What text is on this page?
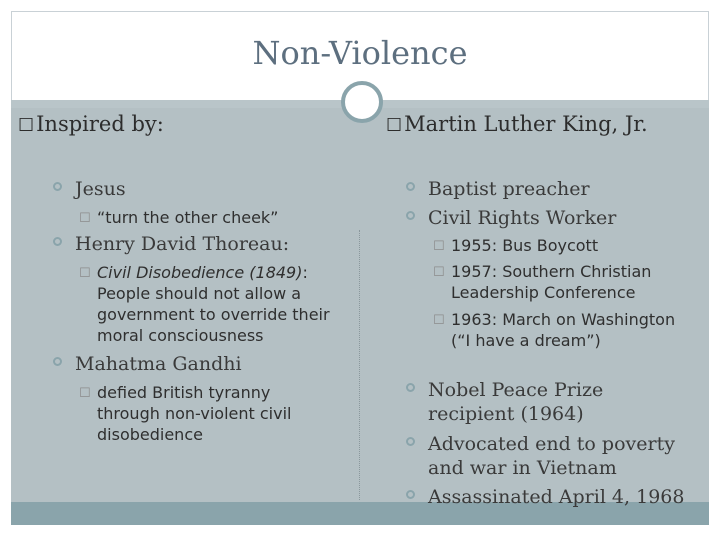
Non-Violence
☐Inspired by:
Jesus
☐ “turn the other cheek”
Henry David Thoreau:
☐ Civil Disobedience (1849): People should not allow a government to override their moral consciousness
Mahatma Gandhi
☐ defied British tyranny through non-violent civil disobedience
☐Martin Luther King, Jr.
Baptist preacher
Civil Rights Worker
☐ 1955: Bus Boycott
☐ 1957: Southern Christian Leadership Conference
☐ 1963: March on Washington (“I have a dream”)
Nobel Peace Prize recipient (1964)
Advocated end to poverty and war in Vietnam
Assassinated April 4, 1968
